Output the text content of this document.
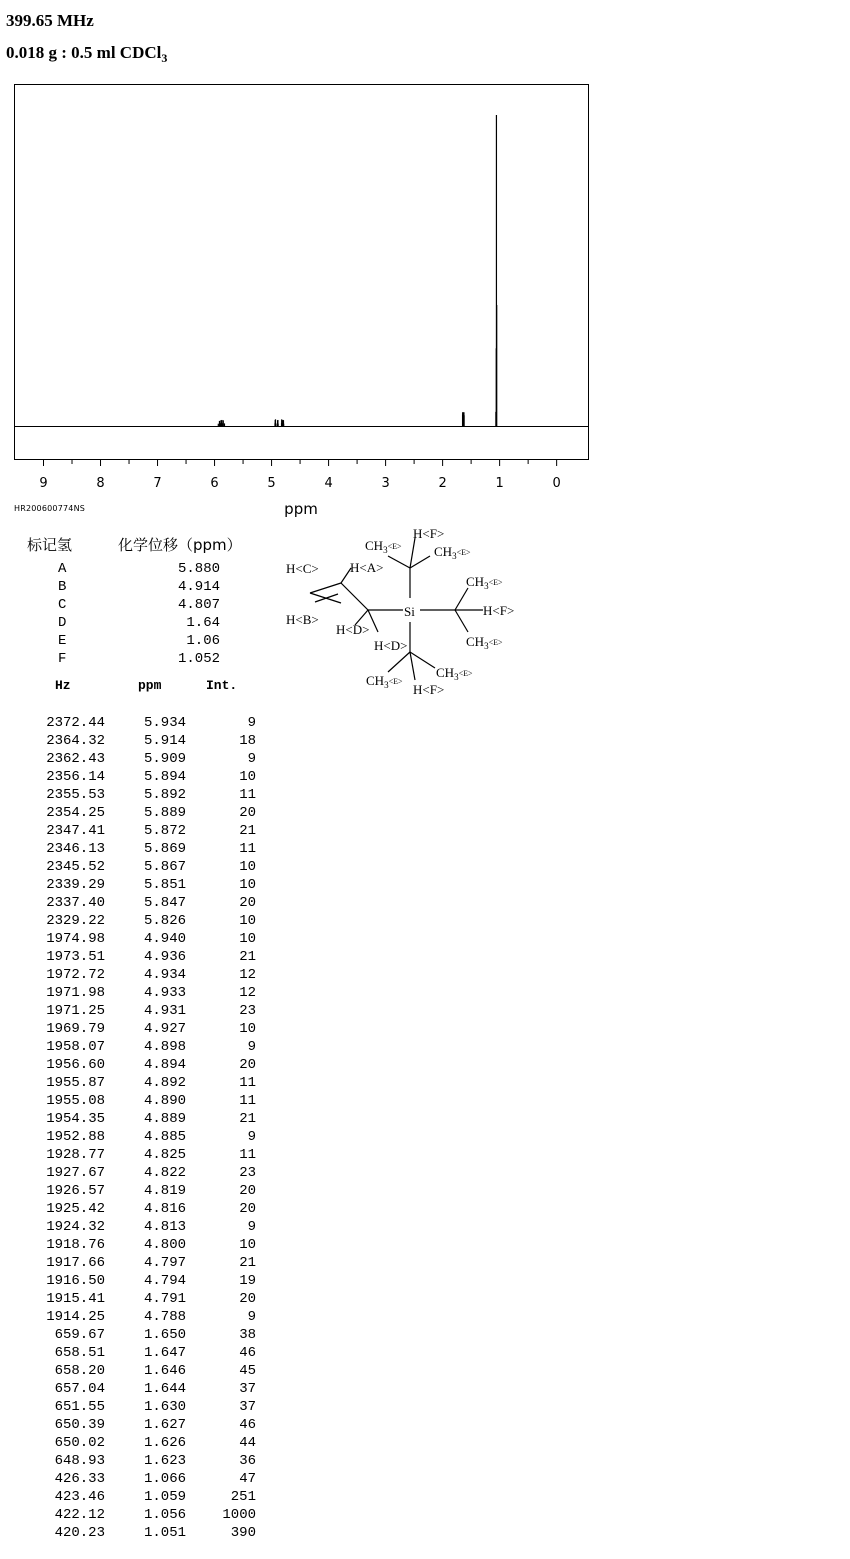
399.65 MHz
0.018 g : 0.5 ml CDCl$_3$
9	8	7	6	5	4	3	2	1	0
ppm
HR200600774NS
标记氢	化学位移（ppm）
A	5.880
B	4.914
C	4.807
D	1.64
E	1.06
F	1.052
Hz	ppm	Int.
2372.44	5.934	9
2364.32	5.914	18
2362.43	5.909	9
2356.14	5.894	10
2355.53	5.892	11
2354.25	5.889	20
2347.41	5.872	21
2346.13	5.869	11
2345.52	5.867	10
2339.29	5.851	10
2337.40	5.847	20
2329.22	5.826	10
1974.98	4.940	10
1973.51	4.936	21
1972.72	4.934	12
1971.98	4.933	12
1971.25	4.931	23
1969.79	4.927	10
1958.07	4.898	9
1956.60	4.894	20
1955.87	4.892	11
1955.08	4.890	11
1954.35	4.889	21
1952.88	4.885	9
1928.77	4.825	11
1927.67	4.822	23
1926.57	4.819	20
1925.42	4.816	20
1924.32	4.813	9
1918.76	4.800	10
1917.66	4.797	21
1916.50	4.794	19
1915.41	4.791	20
1914.25	4.788	9
659.67	1.650	38
658.51	1.647	46
658.20	1.646	45
657.04	1.644	37
651.55	1.630	37
650.39	1.627	46
650.02	1.626	44
648.93	1.623	36
426.33	1.066	47
423.46	1.059	251
422.12	1.056	1000
420.23	1.051	390
H<C>
H<B>
H<A>
H<D>
H<D>
Si
H<F>
$CH_3^{<E>}$	$CH_3^{<E>}$
$CH_3^{<E>}$
H<F>
$CH_3^{<E>}$
$CH_3^{<E>}$
$CH_3^{<E>}$
H<F>
